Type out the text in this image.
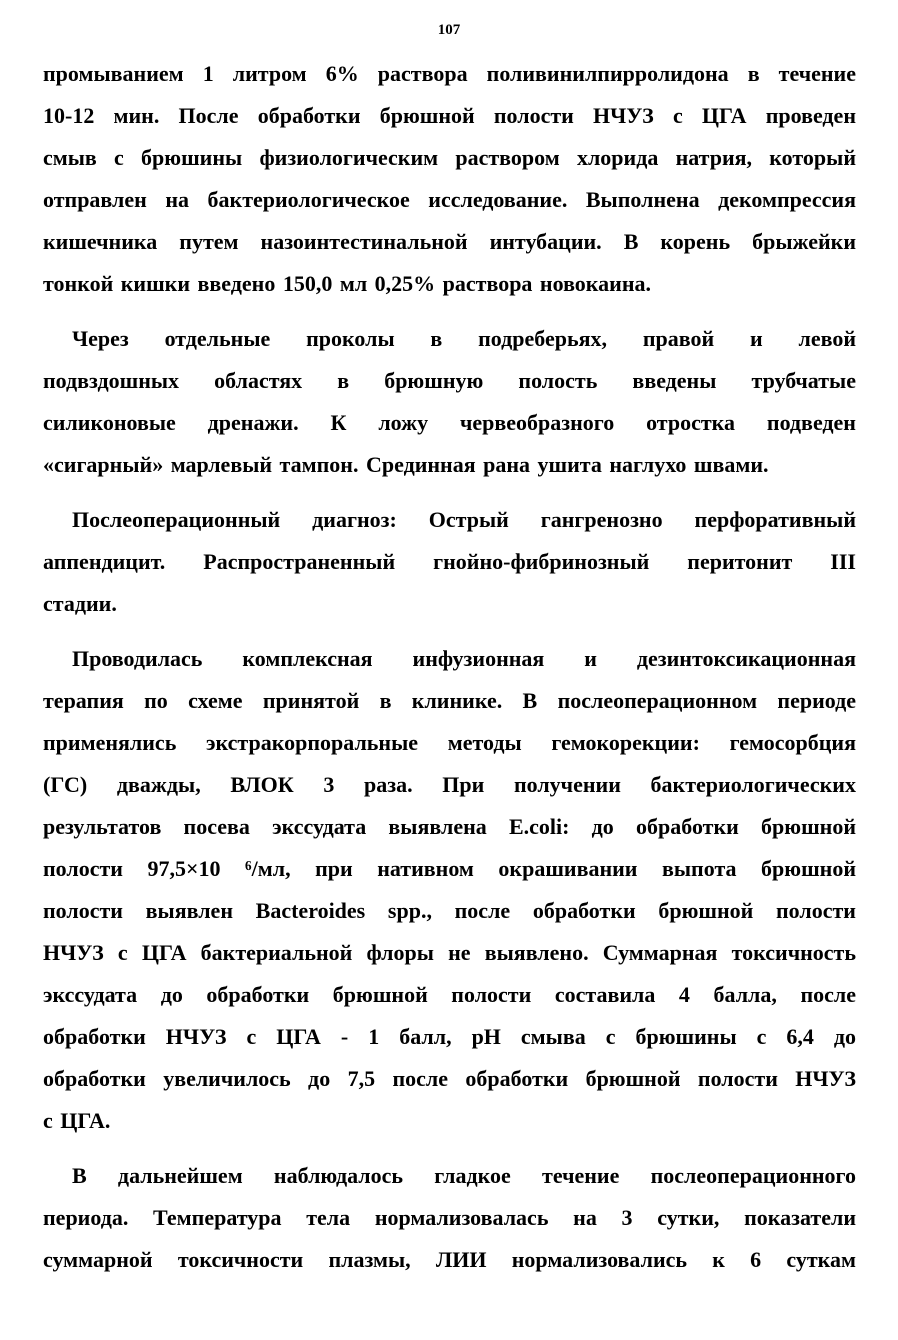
107
промыванием 1 литром 6% раствора поливинилпирролидона в течение
10-12 мин. После обработки брюшной полости НЧУЗ с ЦГА проведен
смыв с брюшины физиологическим раствором хлорида натрия, который
отправлен на бактериологическое исследование. Выполнена декомпрессия
кишечника путем назоинтестинальной интубации. В корень брыжейки
тонкой кишки введено 150,0 мл 0,25% раствора новокаина.
Через отдельные проколы в подреберьях, правой и левой
подвздошных областях в брюшную полость введены трубчатые
силиконовые дренажи. К ложу червеобразного отростка подведен
«сигарный» марлевый тампон. Срединная рана ушита наглухо швами.
Послеоперационный диагноз: Острый гангренозно перфоративный
аппендицит. Распространенный гнойно-фибринозный перитонит III
стадии.
Проводилась комплексная инфузионная и дезинтоксикационная
терапия по схеме принятой в клинике. В послеоперационном периоде
применялись экстракорпоральные методы гемокорекции: гемосорбция
(ГС) дважды, ВЛОК 3 раза. При получении бактериологических
результатов посева экссудата выявлена E.coli: до обработки брюшной
полости 97,5×10 ⁶/мл, при нативном окрашивании выпота брюшной
полости выявлен Bacteroides spp., после обработки брюшной полости
НЧУЗ с ЦГА бактериальной флоры не выявлено. Суммарная токсичность
экссудата до обработки брюшной полости составила 4 балла, после
обработки НЧУЗ с ЦГА - 1 балл, pH смыва с брюшины с 6,4 до
обработки увеличилось до 7,5 после обработки брюшной полости НЧУЗ
с ЦГА.
В дальнейшем наблюдалось гладкое течение послеоперационного
периода. Температура тела нормализовалась на 3 сутки, показатели
суммарной токсичности плазмы, ЛИИ нормализовались к 6 суткам
